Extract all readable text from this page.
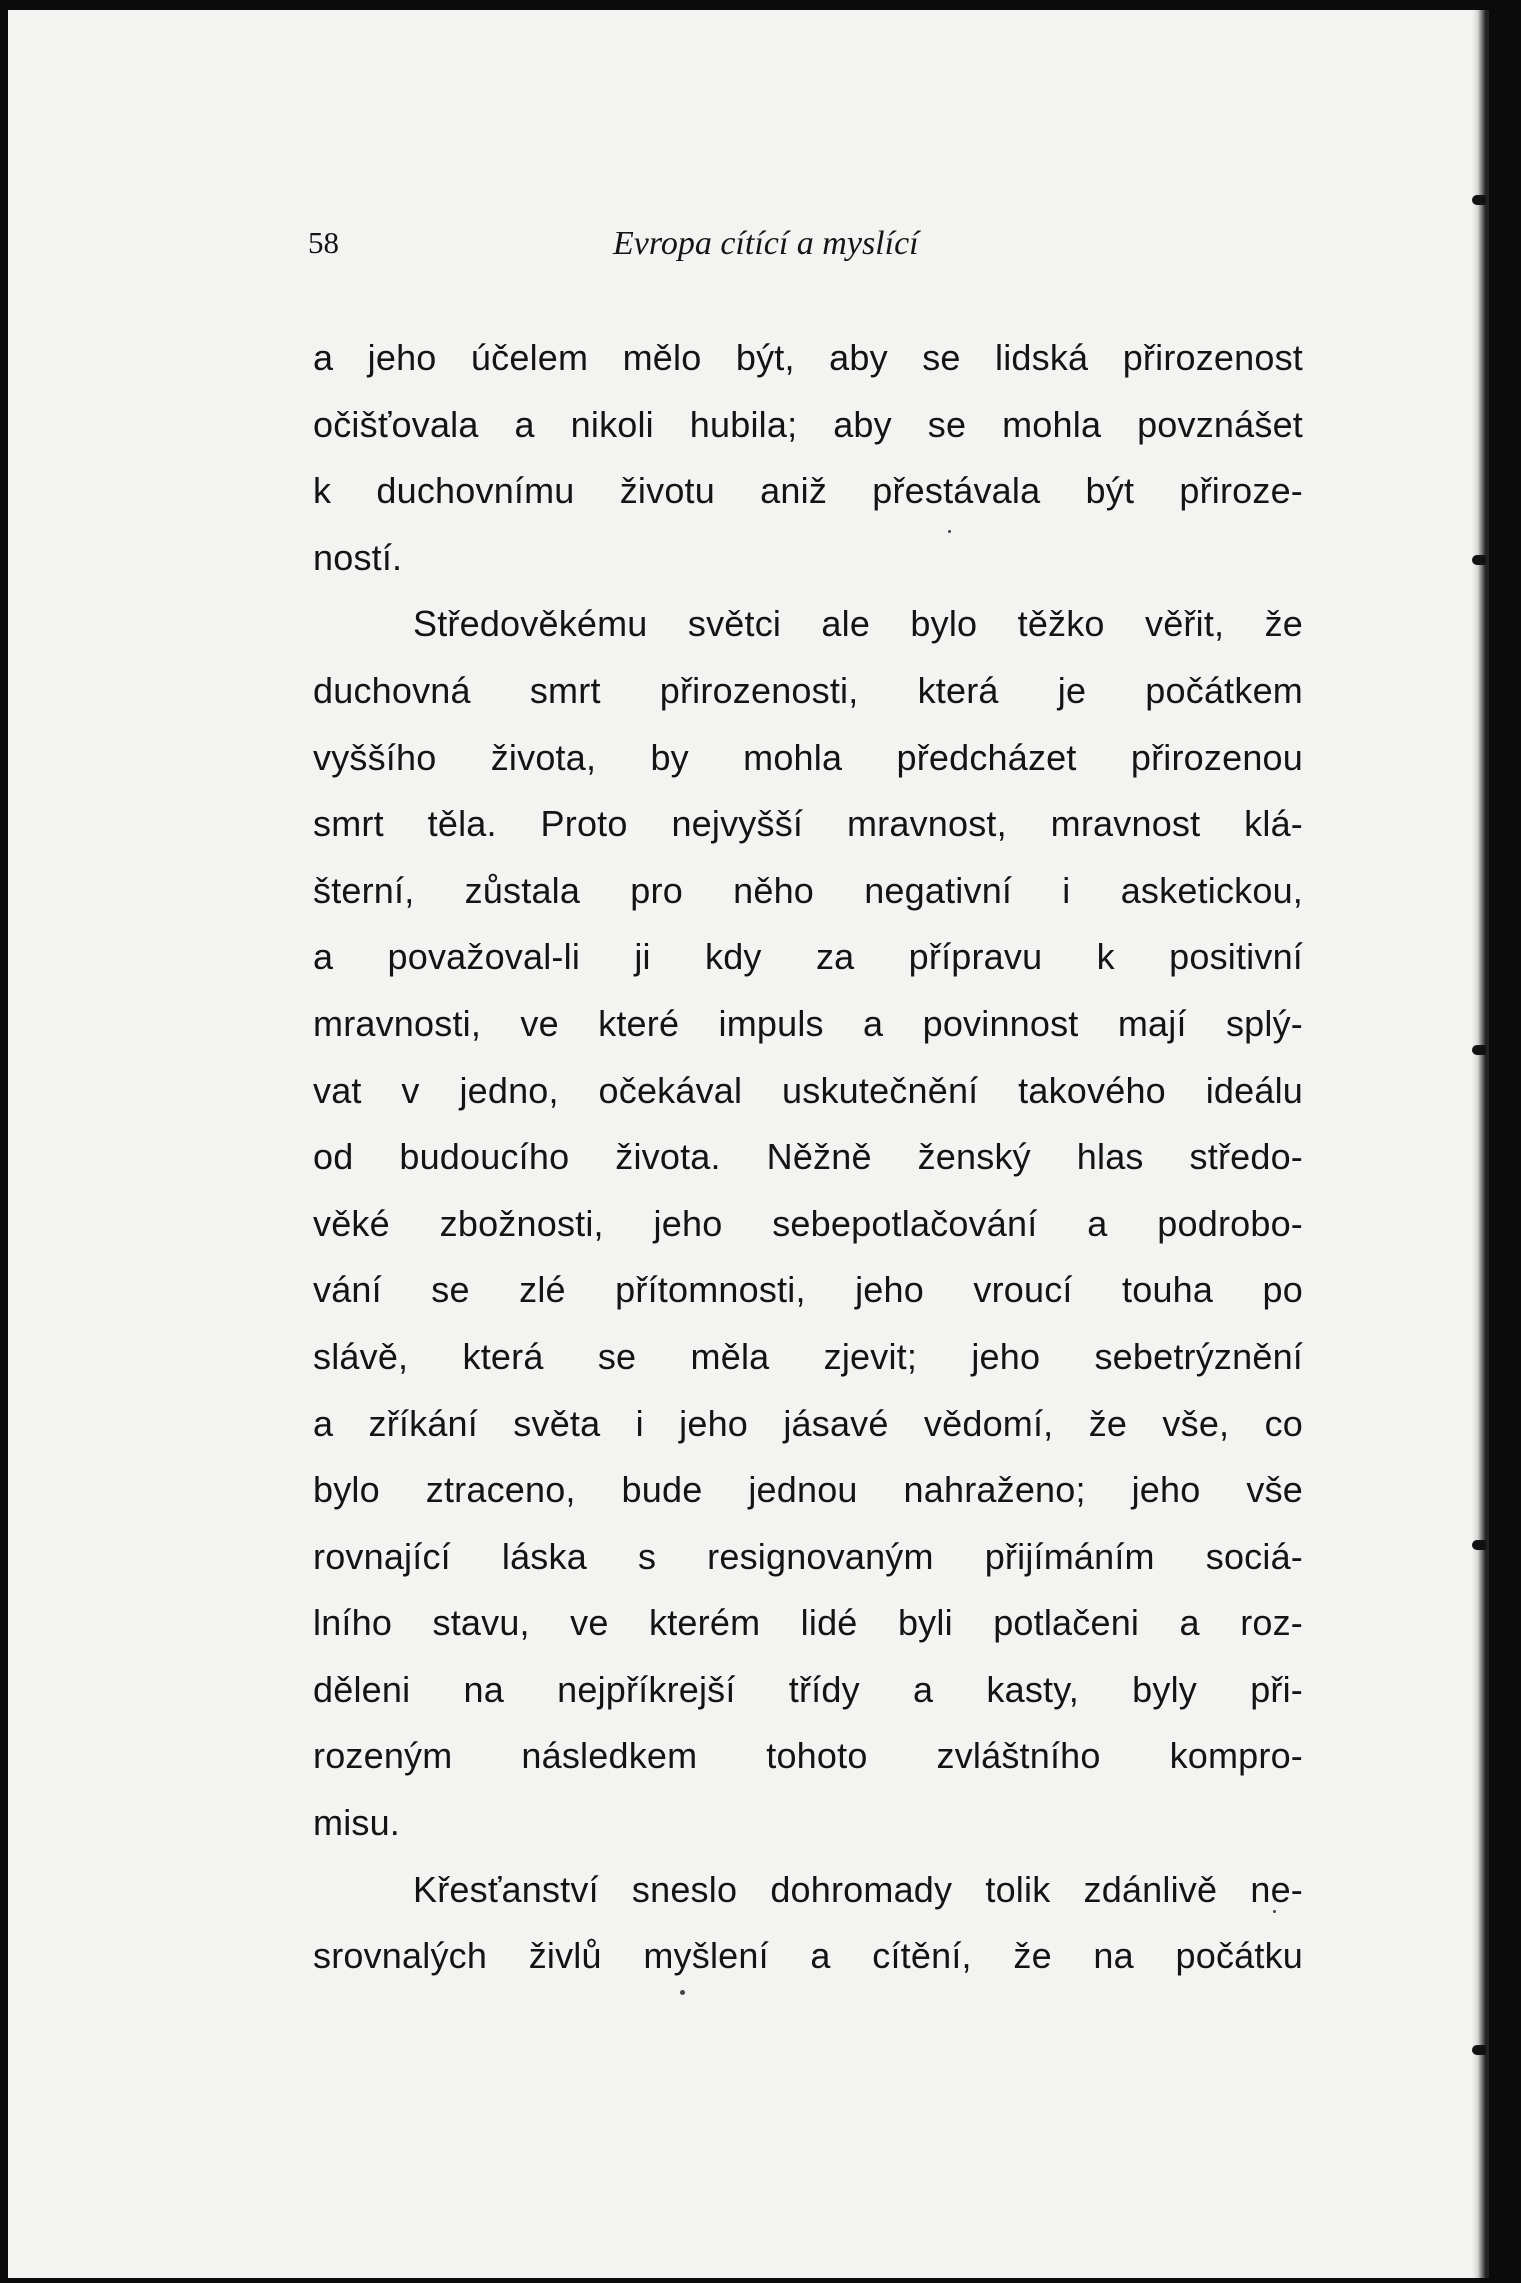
58	Evropa cítící a myslící
a jeho účelem mělo být, aby se lidská přirozenost
očišťovala a nikoli hubila; aby se mohla povznášet
k duchovnímu životu aniž přestávala být přiroze-
ností.
Středověkému světci ale bylo těžko věřit, že
duchovná smrt přirozenosti, která je počátkem
vyššího života, by mohla předcházet přirozenou
smrt těla. Proto nejvyšší mravnost, mravnost klá-
šterní, zůstala pro něho negativní i asketickou,
a považoval-li ji kdy za přípravu k positivní
mravnosti, ve které impuls a povinnost mají splý-
vat v jedno, očekával uskutečnění takového ideálu
od budoucího života. Něžně ženský hlas středo-
věké zbožnosti, jeho sebepotlačování a podrobo-
vání se zlé přítomnosti, jeho vroucí touha po
slávě, která se měla zjevit; jeho sebetrýznění
a zříkání světa i jeho jásavé vědomí, že vše, co
bylo ztraceno, bude jednou nahraženo; jeho vše
rovnající láska s resignovaným přijímáním sociá-
lního stavu, ve kterém lidé byli potlačeni a roz-
děleni na nejpříkrejší třídy a kasty, byly při-
rozeným následkem tohoto zvláštního kompro-
misu.
Křesťanství sneslo dohromady tolik zdánlivě ne-
srovnalých živlů myšlení a cítění, že na počátku
